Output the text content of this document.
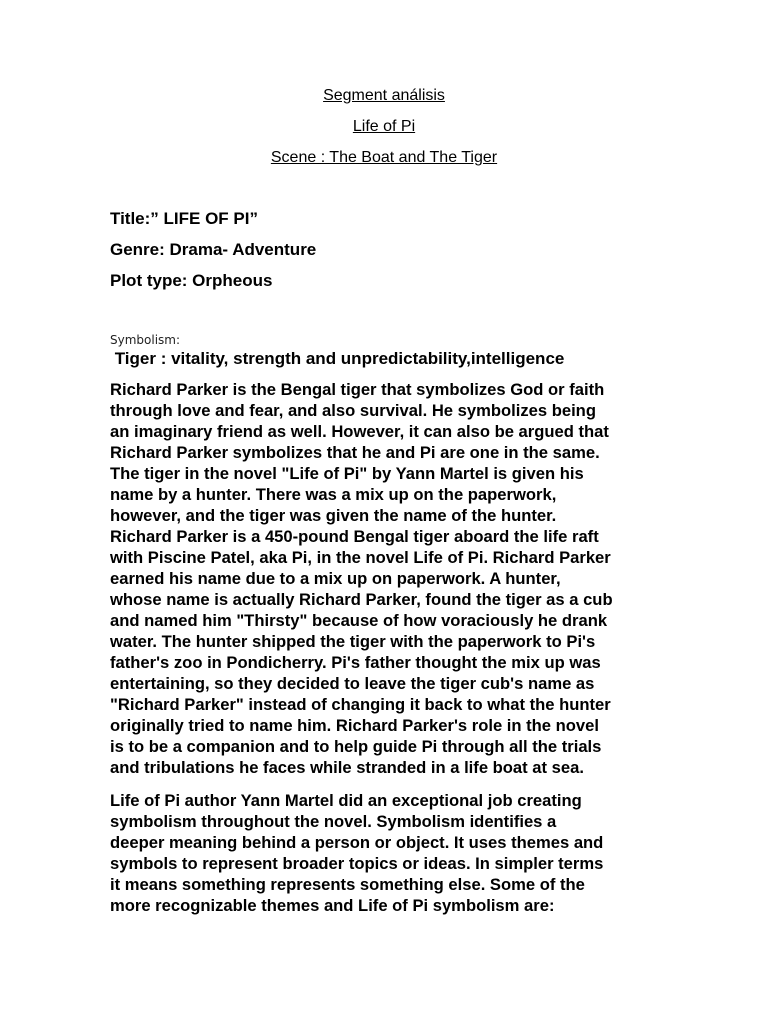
Segment análisis
Life of Pi
Scene : The Boat and The Tiger
Title:” LIFE OF PI”
Genre: Drama- Adventure
Plot type: Orpheous
Symbolism:
Tiger : vitality, strength and unpredictability,intelligence
Richard Parker is the Bengal tiger that symbolizes God or faith
through love and fear, and also survival. He symbolizes being
an imaginary friend as well. However, it can also be argued that
Richard Parker symbolizes that he and Pi are one in the same.
The tiger in the novel "Life of Pi" by Yann Martel is given his
name by a hunter. There was a mix up on the paperwork,
however, and the tiger was given the name of the hunter.
Richard Parker is a 450-pound Bengal tiger aboard the life raft
with Piscine Patel, aka Pi, in the novel Life of Pi. Richard Parker
earned his name due to a mix up on paperwork. A hunter,
whose name is actually Richard Parker, found the tiger as a cub
and named him "Thirsty" because of how voraciously he drank
water. The hunter shipped the tiger with the paperwork to Pi's
father's zoo in Pondicherry. Pi's father thought the mix up was
entertaining, so they decided to leave the tiger cub's name as
"Richard Parker" instead of changing it back to what the hunter
originally tried to name him. Richard Parker's role in the novel
is to be a companion and to help guide Pi through all the trials
and tribulations he faces while stranded in a life boat at sea.
Life of Pi author Yann Martel did an exceptional job creating
symbolism throughout the novel. Symbolism identifies a
deeper meaning behind a person or object. It uses themes and
symbols to represent broader topics or ideas. In simpler terms
it means something represents something else. Some of the
more recognizable themes and Life of Pi symbolism are:
